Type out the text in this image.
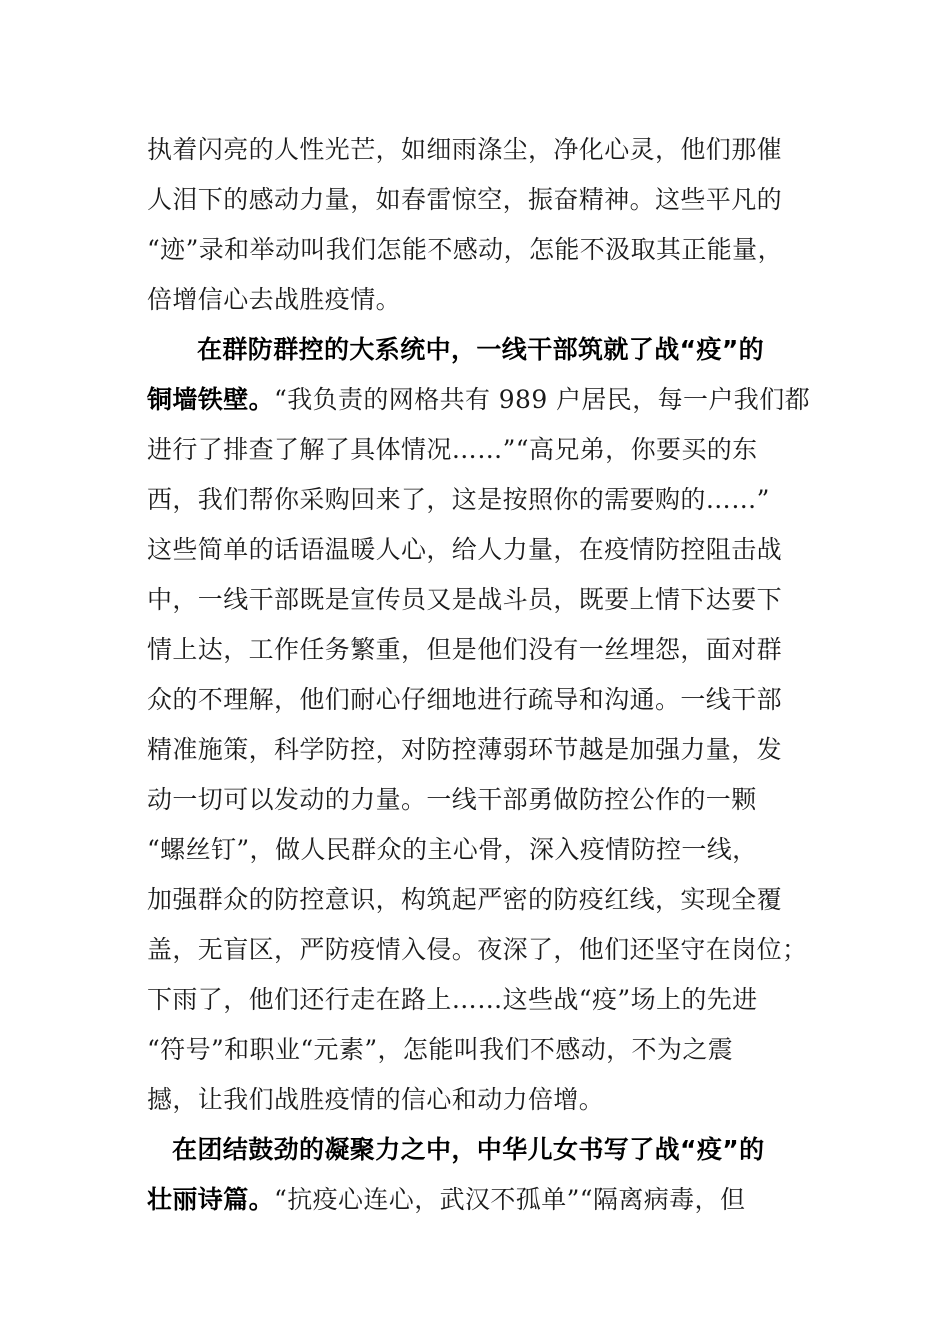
执着闪亮的人性光芒，如细雨涤尘，净化心灵，他们那催
人泪下的感动力量，如春雷惊空，振奋精神。这些平凡的
“迹”录和举动叫我们怎能不感动，怎能不汲取其正能量，
倍增信心去战胜疫情。
在群防群控的大系统中，一线干部筑就了战“疫”的
铜墙铁壁。“我负责的网格共有 989 户居民，每一户我们都
进行了排查了解了具体情况……”“高兄弟，你要买的东
西，我们帮你采购回来了，这是按照你的需要购的……”
这些简单的话语温暖人心，给人力量，在疫情防控阻击战
中，一线干部既是宣传员又是战斗员，既要上情下达要下
情上达，工作任务繁重，但是他们没有一丝埋怨，面对群
众的不理解，他们耐心仔细地进行疏导和沟通。一线干部
精准施策，科学防控，对防控薄弱环节越是加强力量，发
动一切可以发动的力量。一线干部勇做防控公作的一颗
“螺丝钉”，做人民群众的主心骨，深入疫情防控一线，
加强群众的防控意识，构筑起严密的防疫红线，实现全覆
盖，无盲区，严防疫情入侵。夜深了，他们还坚守在岗位；
下雨了，他们还行走在路上……这些战“疫”场上的先进
“符号”和职业“元素”，怎能叫我们不感动，不为之震
撼，让我们战胜疫情的信心和动力倍增。
在团结鼓劲的凝聚力之中，中华儿女书写了战“疫”的
壮丽诗篇。“抗疫心连心，武汉不孤单”“隔离病毒，但
